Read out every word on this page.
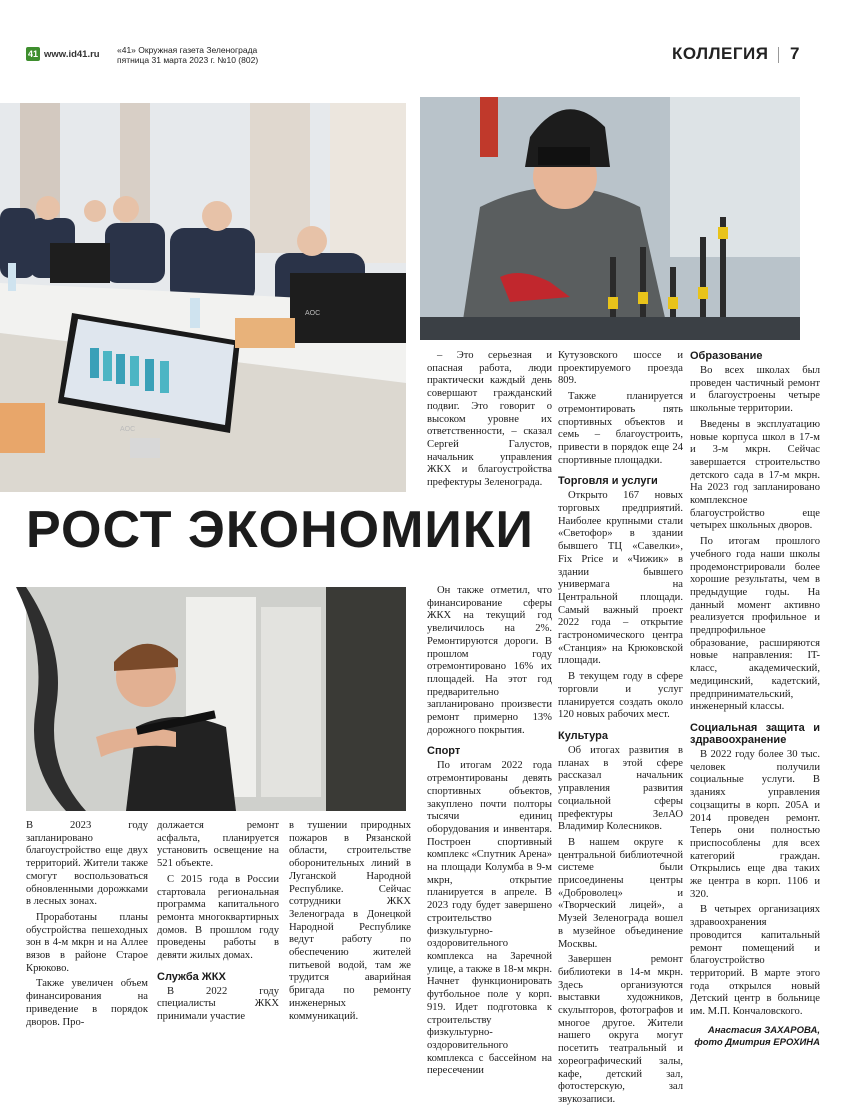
41 www.id41.ru «41» Окружная газета Зеленограда
пятница 31 марта 2023 г. №10 (802)	КОЛЛЕГИЯ 7
AOC
AOC
РОСТ ЭКОНОМИКИ

– Это серьезная и опасная работа, люди практически каждый день совершают гражданский подвиг. Это говорит о высоком уровне их ответственности, – сказал Сергей Галустов, начальник управления ЖКХ и благоустройства префектуры Зеленограда.

Он также отметил, что финансирование сферы ЖКХ на текущий год увеличилось на 2%. Ремонтируются дороги. В прошлом году отремонтировано 16% их площадей. На этот год предварительно запланировано произвести ремонт примерно 13% дорожного покрытия.

Спорт

По итогам 2022 года отремонтированы девять спортивных объектов, закуплено почти полторы тысячи единиц оборудования и инвентаря. Построен спортивный комплекс «Спутник Арена» на площади Колумба в 9-м мкрн, открытие планируется в апреле. В 2023 году будет завершено строительство физкультурно-оздоровительного комплекса на Заречной улице, а также в 18-м мкрн. Начнет функционировать футбольное поле у корп. 919. Идет подготовка к строительству физкультурно-оздоровительного комплекса с бассейном на пересечении

Кутузовского шоссе и проектируемого проезда 809.

Также планируется отремонтировать пять спортивных объектов и семь – благоустроить, привести в порядок еще 24 спортивные площадки.

Торговля и услуги

Открыто 167 новых торговых предприятий. Наиболее крупными стали «Светофор» в здании бывшего ТЦ «Савелки», Fix Price и «Чижик» в здании бывшего универмага на Центральной площади. Самый важный проект 2022 года – открытие гастрономического центра «Станция» на Крюковской площади.

В текущем году в сфере торговли и услуг планируется создать около 120 новых рабочих мест.

Культура

Об итогах развития в планах в этой сфере рассказал начальник управления развития социальной сферы префектуры ЗелАО Владимир Колесников.

В нашем округе к центральной библиотечной системе были присоединены центры «Доброволец» и «Творческий лицей», а Музей Зеленограда вошел в музейное объединение Москвы.

Завершен ремонт библиотеки в 14-м мкрн. Здесь организуются выставки художников, скульпторов, фотографов и многое другое. Жители нашего округа могут посетить театральный и хореографический залы, кафе, детский зал, фотостерскую, зал звукозаписи.

Образование

Во всех школах был проведен частичный ремонт и благоустроены четыре школьные территории.

Введены в эксплуатацию новые корпуса школ в 17-м и 3-м мкрн. Сейчас завершается строительство детского сада в 17-м мкрн. На 2023 год запланировано комплексное благоустройство еще четырех школьных дворов.

По итогам прошлого учебного года наши школы продемонстрировали более хорошие результаты, чем в предыдущие годы. На данный момент активно реализуется профильное и предпрофильное образование, расширяются новые направления: IT-класс, академический, медицинский, кадетский, предпринимательский, инженерный классы.

Социальная защита и здравоохранение

В 2022 году более 30 тыс. человек получили социальные услуги. В зданиях управления соцзащиты в корп. 205А и 2014 проведен ремонт. Теперь они полностью приспособлены для всех категорий граждан. Открылись еще два таких же центра в корп. 1106 и 320.

В четырех организациях здравоохранения проводится капитальный ремонт помещений и благоустройство территорий. В марте этого года открылся новый Детский центр в больнице им. М.П. Кончаловского.

Анастасия ЗАХАРОВА,
фото Дмитрия ЕРОХИНА

В 2023 году запланировано благоустройство еще двух территорий. Жители также смогут воспользоваться обновленными дорожками в лесных зонах.

Проработаны планы обустройства пешеходных зон в 4-м мкрн и на Аллее вязов в районе Старое Крюково.

Также увеличен объем финансирования на приведение в порядок дворов. Про-

должается ремонт асфальта, планируется установить освещение на 521 объекте.

С 2015 года в России стартовала региональная программа капитального ремонта многоквартирных домов. В прошлом году проведены работы в девяти жилых домах.

Служба ЖКХ

В 2022 году специалисты ЖКХ принимали участие

в тушении природных пожаров в Рязанской области, строительстве оборонительных линий в Луганской Народной Республике. Сейчас сотрудники ЖКХ Зеленограда в Донецкой Народной Республике ведут работу по обеспечению жителей питьевой водой, там же трудится аварийная бригада по ремонту инженерных коммуникаций.
